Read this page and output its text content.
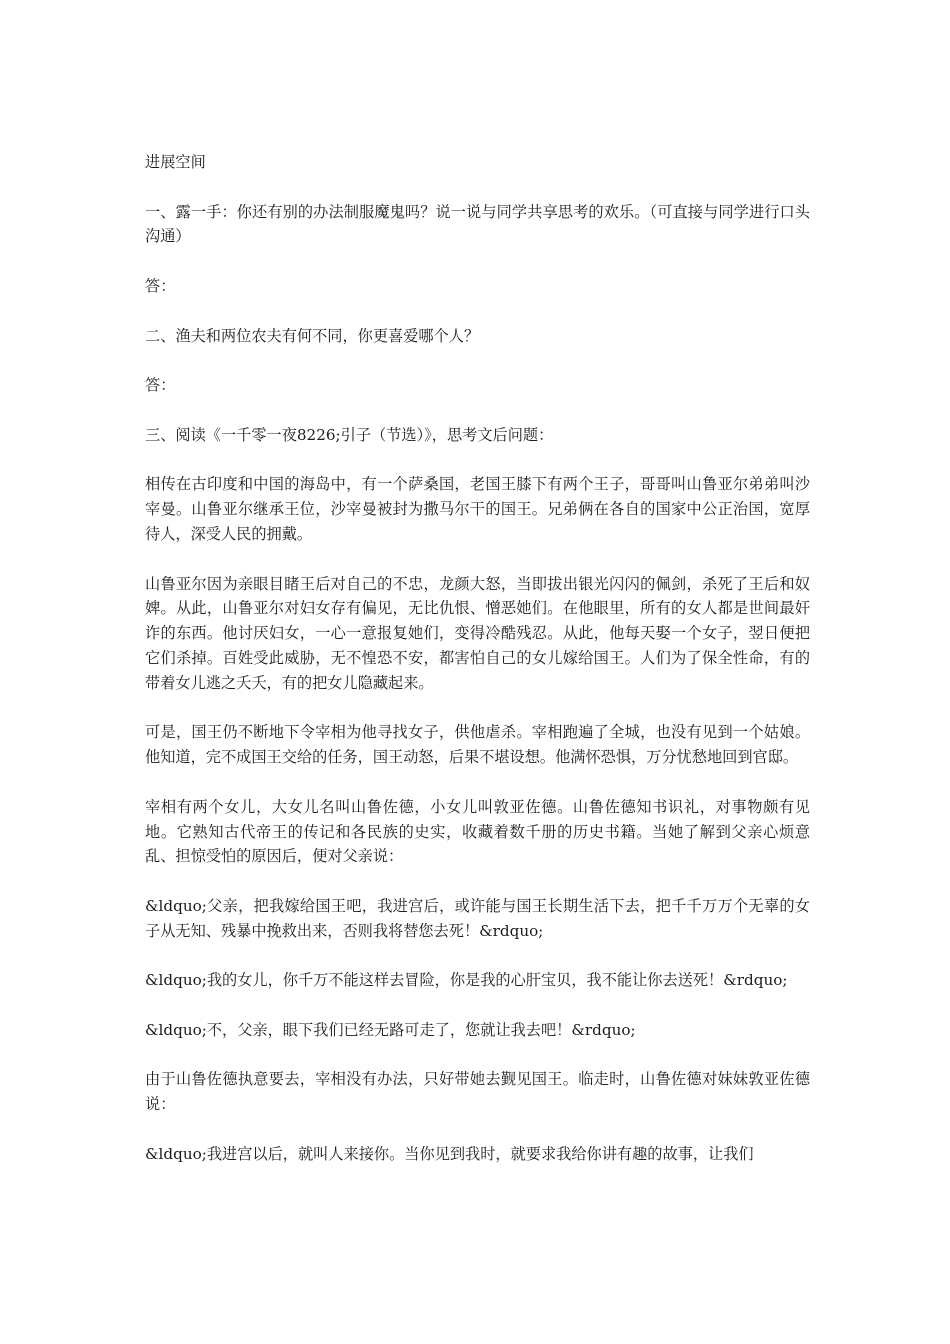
进展空间

一、露一手：你还有别的办法制服魔鬼吗？说一说与同学共享思考的欢乐。（可直接与同学进行口头沟通）

答：

二、渔夫和两位农夫有何不同，你更喜爱哪个人？

答：

三、阅读《一千零一夜8226;引子（节选）》，思考文后问题：

相传在古印度和中国的海岛中，有一个萨桑国，老国王膝下有两个王子，哥哥叫山鲁亚尔弟弟叫沙宰曼。山鲁亚尔继承王位，沙宰曼被封为撒马尔干的国王。兄弟俩在各自的国家中公正治国，宽厚待人，深受人民的拥戴。

山鲁亚尔因为亲眼目睹王后对自己的不忠，龙颜大怒，当即拔出银光闪闪的佩剑，杀死了王后和奴婢。从此，山鲁亚尔对妇女存有偏见，无比仇恨、憎恶她们。在他眼里，所有的女人都是世间最奸诈的东西。他讨厌妇女，一心一意报复她们，变得冷酷残忍。从此，他每天娶一个女子，翌日便把它们杀掉。百姓受此威胁，无不惶恐不安，都害怕自己的女儿嫁给国王。人们为了保全性命，有的带着女儿逃之夭夭，有的把女儿隐藏起来。

可是，国王仍不断地下令宰相为他寻找女子，供他虐杀。宰相跑遍了全城，也没有见到一个姑娘。他知道，完不成国王交给的任务，国王动怒，后果不堪设想。他满怀恐惧，万分忧愁地回到官邸。

宰相有两个女儿，大女儿名叫山鲁佐德，小女儿叫敦亚佐德。山鲁佐德知书识礼，对事物颇有见地。它熟知古代帝王的传记和各民族的史实，收藏着数千册的历史书籍。当她了解到父亲心烦意乱、担惊受怕的原因后，便对父亲说：

&ldquo;父亲，把我嫁给国王吧，我进宫后，或许能与国王长期生活下去，把千千万万个无辜的女子从无知、残暴中挽救出来，否则我将替您去死！&rdquo;

&ldquo;我的女儿，你千万不能这样去冒险，你是我的心肝宝贝，我不能让你去送死！&rdquo;

&ldquo;不，父亲，眼下我们已经无路可走了，您就让我去吧！&rdquo;

由于山鲁佐德执意要去，宰相没有办法，只好带她去觐见国王。临走时，山鲁佐德对妹妹敦亚佐德说：

&ldquo;我进宫以后，就叫人来接你。当你见到我时，就要求我给你讲有趣的故事，让我们
